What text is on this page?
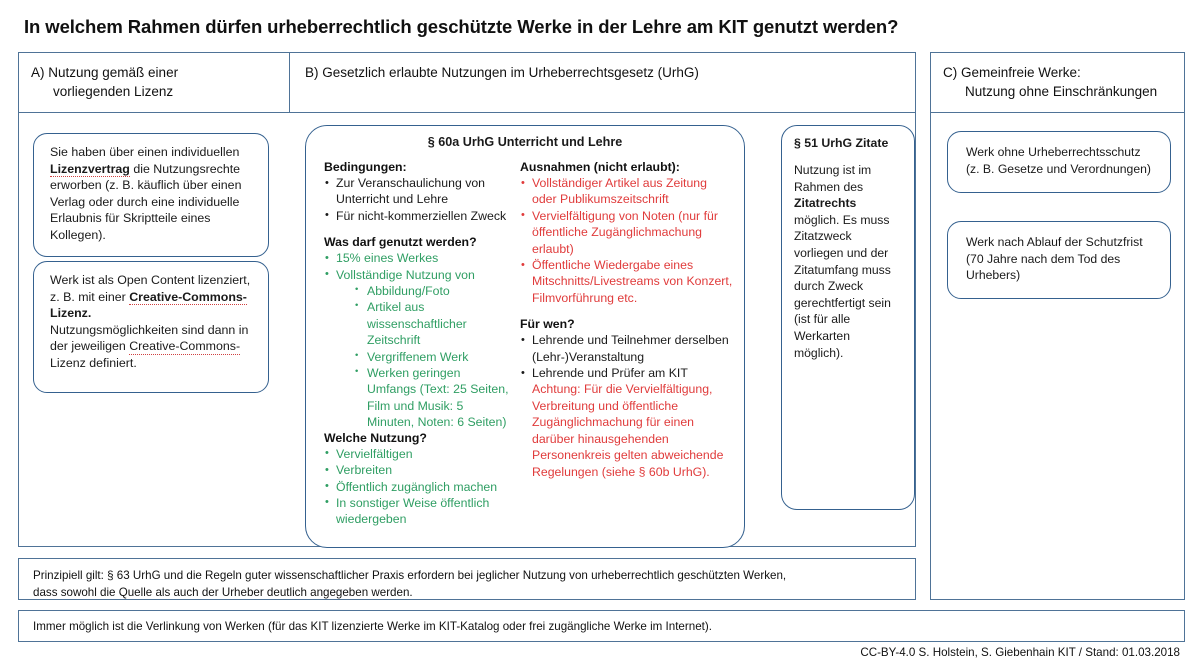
In welchem Rahmen dürfen urheberrechtlich geschützte Werke in der Lehre am KIT genutzt werden?
A) Nutzung gemäß einer
vorliegenden Lizenz
B) Gesetzlich erlaubte Nutzungen im Urheberrechtsgesetz (UrhG)

Sie haben über einen individuellen Lizenzvertrag die Nutzungsrechte erworben (z. B. käuflich über einen Verlag oder durch eine individuelle Erlaubnis für Skriptteile eines Kollegen).

Werk ist als Open Content lizenziert, z. B. mit einer Creative-Commons-Lizenz.

Nutzungsmöglichkeiten sind dann in der jeweiligen Creative-Commons-Lizenz definiert.

§ 60a UrhG Unterricht und Lehre
Bedingungen:
• Zur Veranschaulichung von Unterricht und Lehre
• Für nicht-kommerziellen Zweck
Was darf genutzt werden?
• 15% eines Werkes
• Vollständige Nutzung von
• Abbildung/Foto
• Artikel aus wissenschaftlicher Zeitschrift
• Vergriffenem Werk
• Werken geringen Umfangs (Text: 25 Seiten, Film und Musik: 5 Minuten, Noten: 6 Seiten)
Welche Nutzung?
• Vervielfältigen
• Verbreiten
• Öffentlich zugänglich machen
• In sonstiger Weise öffentlich wiedergeben
Ausnahmen (nicht erlaubt):
• Vollständiger Artikel aus Zeitung oder Publikumszeitschrift
• Vervielfältigung von Noten (nur für öffentliche Zugänglichmachung erlaubt)
• Öffentliche Wiedergabe eines Mitschnitts/Livestreams von Konzert, Filmvorführung etc.
Für wen?
• Lehrende und Teilnehmer derselben (Lehr-)Veranstaltung
• Lehrende und Prüfer am KIT
Achtung: Für die Vervielfältigung, Verbreitung und öffentliche Zugänglichmachung für einen darüber hinausgehenden Personenkreis gelten abweichende Regelungen (siehe § 60b UrhG).
§ 51 UrhG Zitate
Nutzung ist im Rahmen des Zitatrechts möglich. Es muss Zitatzweck vorliegen und der Zitatumfang muss durch Zweck gerechtfertigt sein (ist für alle Werkarten möglich).
C) Gemeinfreie Werke:
Nutzung ohne Einschränkungen

Werk ohne Urheberrechtsschutz

(z. B. Gesetze und Verordnungen)

Werk nach Ablauf der Schutzfrist

(70 Jahre nach dem Tod des

Urhebers)

Prinzipiell gilt: § 63 UrhG und die Regeln guter wissenschaftlicher Praxis erfordern bei jeglicher Nutzung von urheberrechtlich geschützten Werken,
dass sowohl die Quelle als auch der Urheber deutlich angegeben werden.
Immer möglich ist die Verlinkung von Werken (für das KIT lizenzierte Werke im KIT-Katalog oder frei zugängliche Werke im Internet).
CC-BY-4.0 S. Holstein, S. Giebenhain KIT / Stand: 01.03.2018
